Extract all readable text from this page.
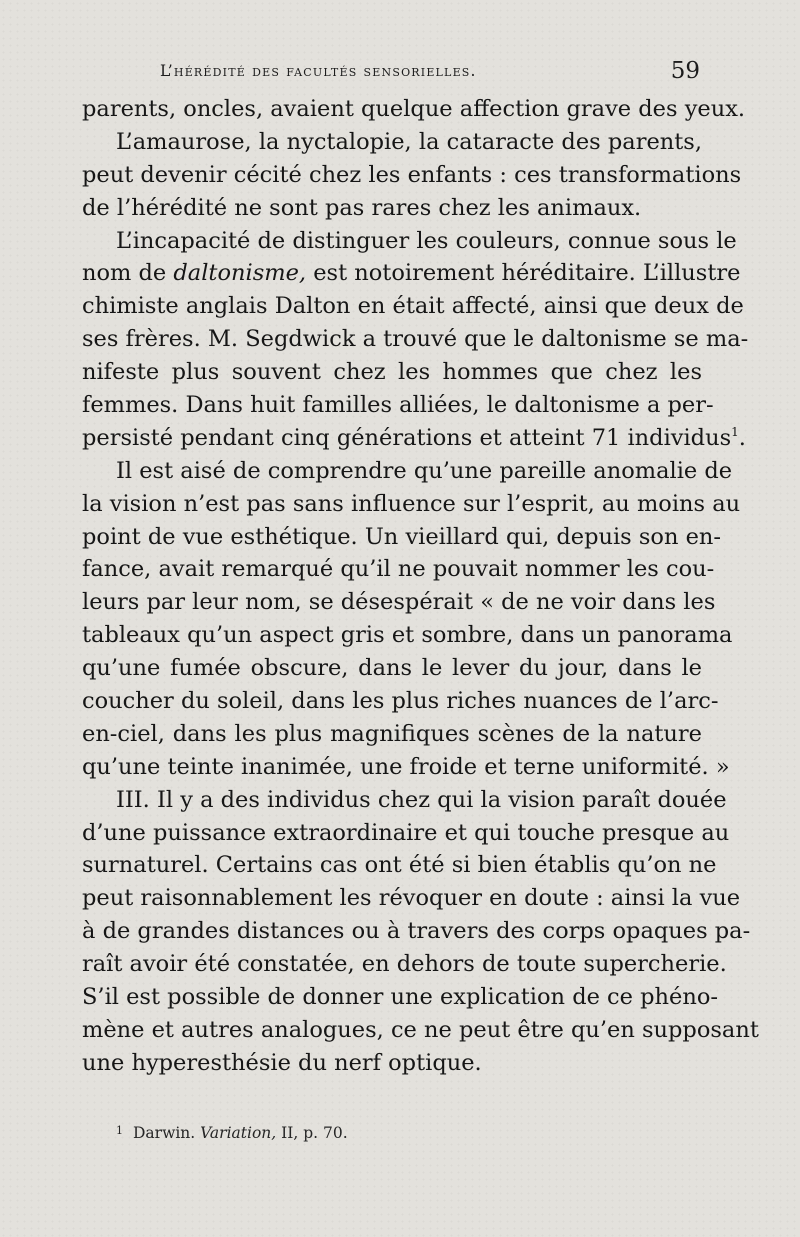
L’hérédité des facultés sensorielles.	59
parents, oncles, avaient quelque affection grave des yeux.
L’amaurose, la nyctalopie, la cataracte des parents,
peut devenir cécité chez les enfants : ces transformations
de l’hérédité ne sont pas rares chez les animaux.
L’incapacité de distinguer les couleurs, connue sous le
nom de daltonisme, est notoirement héréditaire. L’illustre
chimiste anglais Dalton en était affecté, ainsi que deux de
ses frères. M. Segdwick a trouvé que le daltonisme se ma-
nifeste plus souvent chez les hommes que chez les
femmes. Dans huit familles alliées, le daltonisme a per-
persisté pendant cinq générations et atteint 71 individus$^1$.
Il est aisé de comprendre qu’une pareille anomalie de
la vision n’est pas sans influence sur l’esprit, au moins au
point de vue esthétique. Un vieillard qui, depuis son en-
fance, avait remarqué qu’il ne pouvait nommer les cou-
leurs par leur nom, se désespérait « de ne voir dans les
tableaux qu’un aspect gris et sombre, dans un panorama
qu’une fumée obscure, dans le lever du jour, dans le
coucher du soleil, dans les plus riches nuances de l’arc-
en-ciel, dans les plus magnifiques scènes de la nature
qu’une teinte inanimée, une froide et terne uniformité. »
III. Il y a des individus chez qui la vision paraît douée
d’une puissance extraordinaire et qui touche presque au
surnaturel. Certains cas ont été si bien établis qu’on ne
peut raisonnablement les révoquer en doute : ainsi la vue
à de grandes distances ou à travers des corps opaques pa-
raît avoir été constatée, en dehors de toute supercherie.
S’il est possible de donner une explication de ce phéno-
mène et autres analogues, ce ne peut être qu’en supposant
une hyperesthésie du nerf optique.
$^1$ Darwin. Variation, II, p. 70.
